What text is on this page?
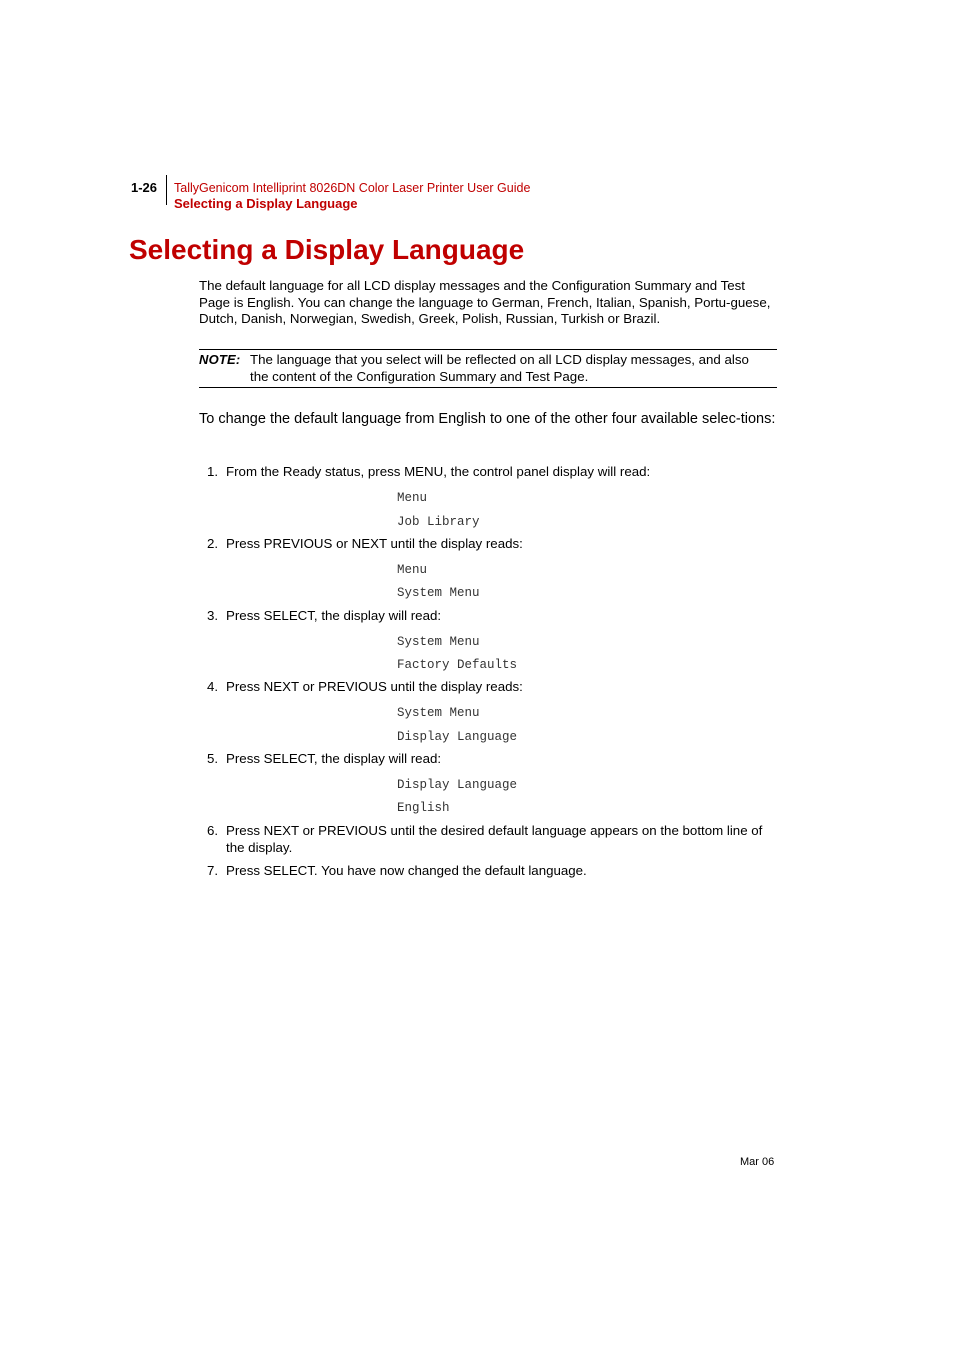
1-26 TallyGenicom Intelliprint 8026DN Color Laser Printer User Guide
Selecting a Display Language
Selecting a Display Language
The default language for all LCD display messages and the Configuration Summary and Test Page is English. You can change the language to German, French, Italian, Spanish, Portu-guese, Dutch, Danish, Norwegian, Swedish, Greek, Polish, Russian, Turkish or Brazil.
NOTE: The language that you select will be reflected on all LCD display messages, and also the content of the Configuration Summary and Test Page.
To change the default language from English to one of the other four available selec-tions:
1. From the Ready status, press MENU, the control panel display will read:
Menu
Job Library
2. Press PREVIOUS or NEXT until the display reads:
Menu
System Menu
3. Press SELECT, the display will read:
System Menu
Factory Defaults
4. Press NEXT or PREVIOUS until the display reads:
System Menu
Display Language
5. Press SELECT, the display will read:
Display Language
English
6. Press NEXT or PREVIOUS until the desired default language appears on the bottom line of the display.
7. Press SELECT. You have now changed the default language.
Mar 06
